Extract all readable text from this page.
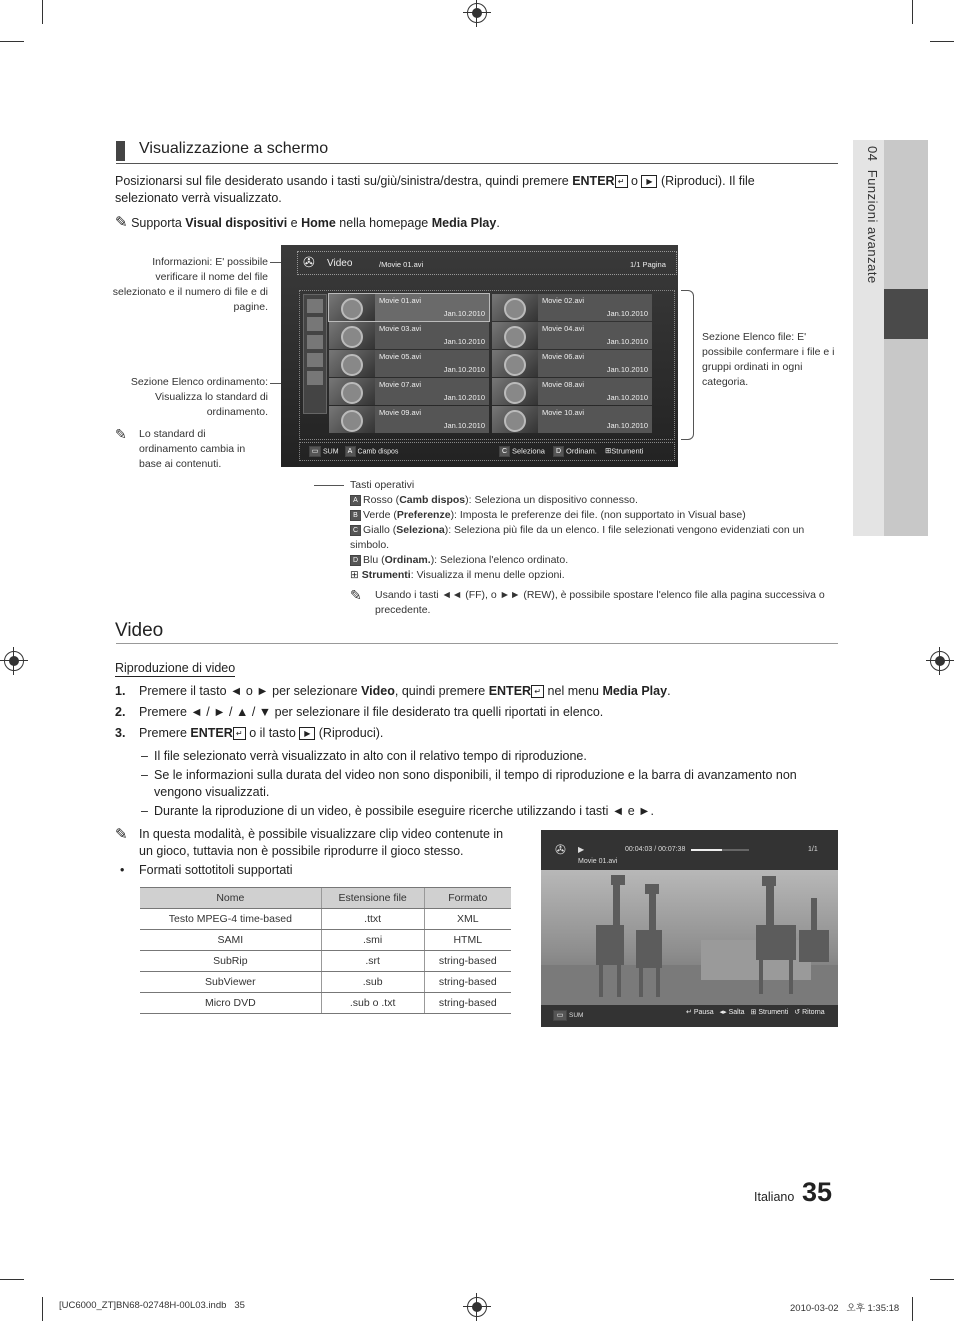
04  Funzioni avanzate
Visualizzazione a schermo
Posizionarsi sul file desiderato usando i tasti su/giù/sinistra/destra, quindi premere ENTER ↵ o ▶ (Riproduci). Il file selezionato verrà visualizzato.
✎ Supporta Visual dispositivi e Home nella homepage Media Play.
Informazioni: E' possibile verificare il nome del file selezionato e il numero di file e di pagine.
Sezione Elenco ordinamento: Visualizza lo standard di ordinamento.
✎	Lo standard di ordinamento cambia in base ai contenuti.
Sezione Elenco file: E' possibile confermare i file e i gruppi ordinati in ogni categoria.
✇ Video	/Movie 01.avi	1/1 Pagina
Movie 01.avi
Jan.10.2010
Movie 02.avi
Jan.10.2010
Movie 03.avi
Jan.10.2010
Movie 04.avi
Jan.10.2010
Movie 05.avi
Jan.10.2010
Movie 06.avi
Jan.10.2010
Movie 07.avi
Jan.10.2010
Movie 08.avi
Jan.10.2010
Movie 09.avi
Jan.10.2010
Movie 10.avi
Jan.10.2010
▭ SUM A Camb dispos	C Seleziona D Ordinam. ⊞Strumenti
Tasti operativi
A Rosso (Camb dispos): Seleziona un dispositivo connesso.
B Verde (Preferenze): Imposta le preferenze dei file. (non supportato in Visual base)
C Giallo (Seleziona): Seleziona più file da un elenco. I file selezionati vengono evidenziati con un simbolo.
D Blu (Ordinam.): Seleziona l'elenco ordinato.
⊞ Strumenti: Visualizza il menu delle opzioni.
✎ Usando i tasti ◄◄ (FF), o ►► (REW), è possibile spostare l'elenco file alla pagina successiva o precedente.
Video
Riproduzione di video
1. Premere il tasto ◄ o ► per selezionare Video, quindi premere ENTER ↵ nel menu Media Play.
2. Premere ◄ / ► / ▲ / ▼ per selezionare il file desiderato tra quelli riportati in elenco.
3. Premere ENTER ↵ o il tasto ▶ (Riproduci).
– Il file selezionato verrà visualizzato in alto con il relativo tempo di riproduzione.
– Se le informazioni sulla durata del video non sono disponibili, il tempo di riproduzione e la barra di avanzamento non vengono visualizzati.
– Durante la riproduzione di un video, è possibile eseguire ricerche utilizzando i tasti ◄ e ►.
✎ In questa modalità, è possibile visualizzare clip video contenute in un gioco, tuttavia non è possibile riprodurre il gioco stesso.
• Formati sottotitoli supportati
Nome	Estensione file	Formato
Testo MPEG-4 time-based	.ttxt	XML
SAMI	.smi	HTML
SubRip	.srt	string-based
SubViewer	.sub	string-based
Micro DVD	.sub o .txt	string-based
✇ ▶	00:04:03 / 00:07:38	1/1
Movie 01.avi
▭ SUM	↵ Pausa ◂▸ Salta ⊞ Strumenti ↺ Ritorna
Italiano 35
[UC6000_ZT]BN68-02748H-00L03.indb   35	2010-03-02   오후 1:35:18
